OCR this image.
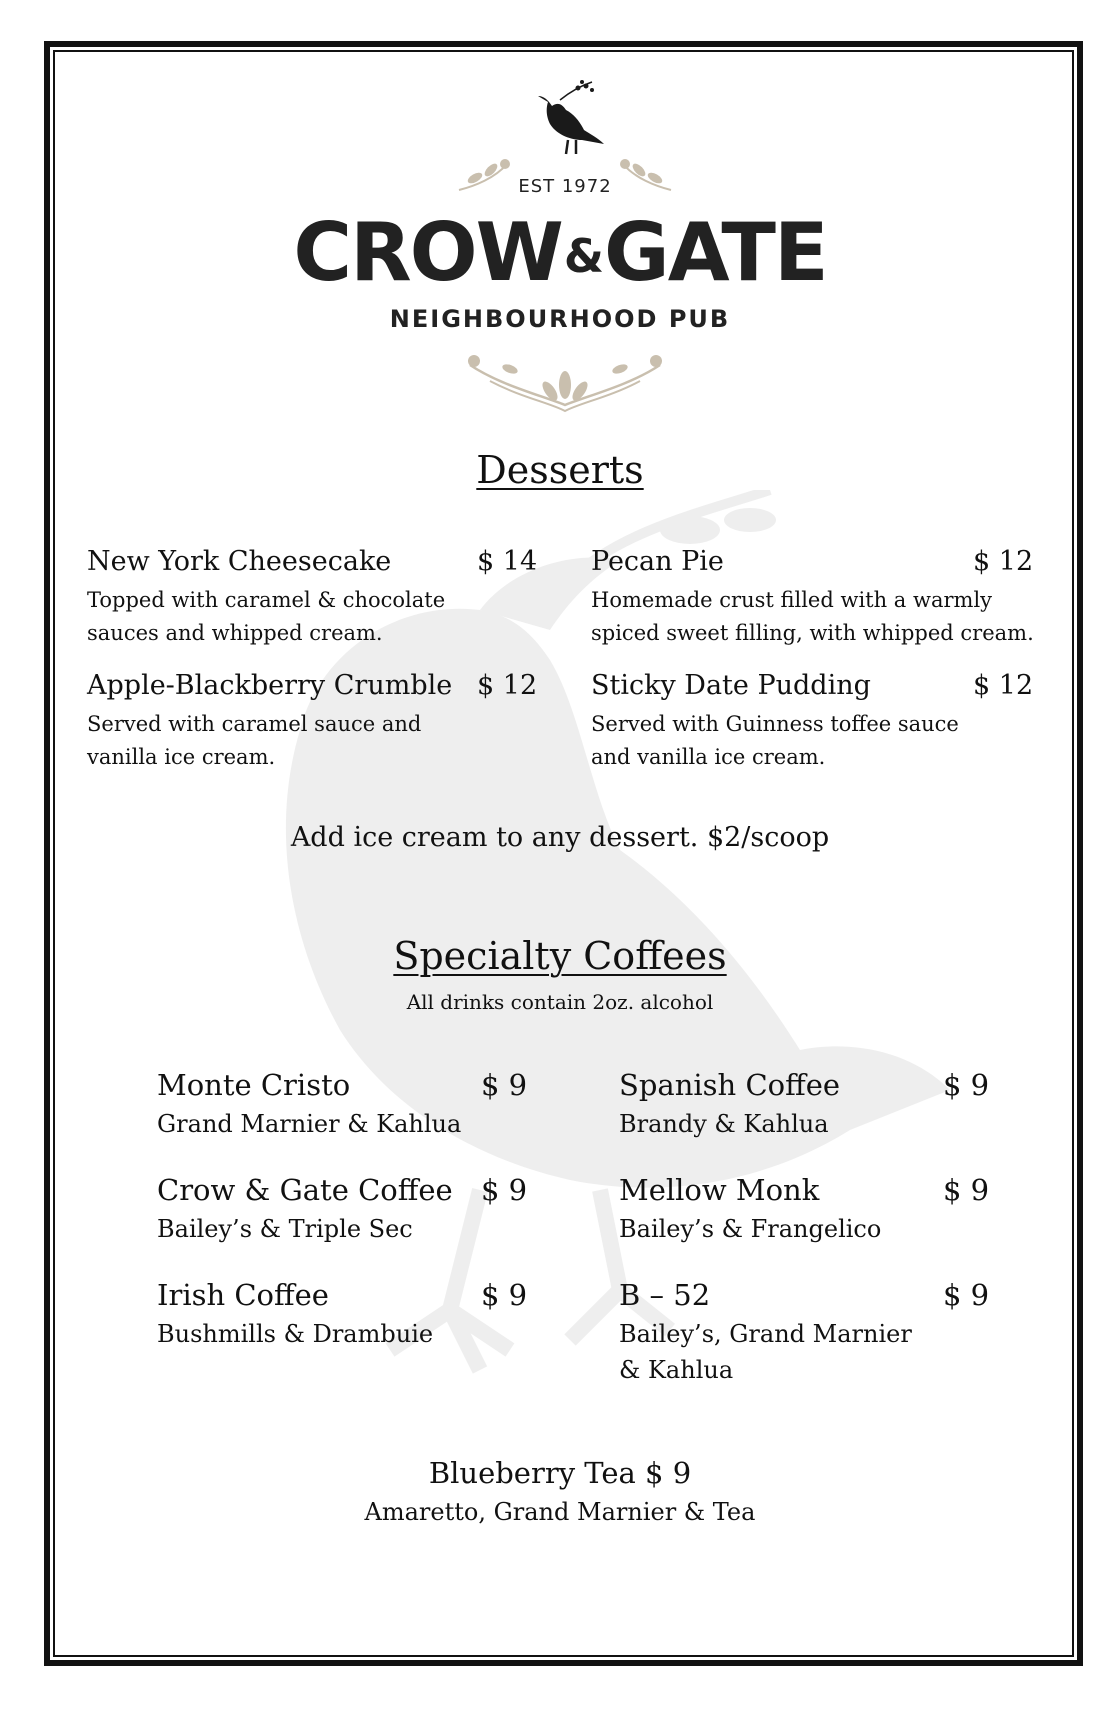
EST 1972
CROW&GATE
NEIGHBOURHOOD PUB
Desserts
New York Cheesecake	$ 14
Topped with caramel & chocolate
sauces and whipped cream.
Pecan Pie	$ 12
Homemade crust filled with a warmly
spiced sweet filling, with whipped cream.
Apple-Blackberry Crumble $ 12
Served with caramel sauce and
vanilla ice cream.
Sticky Date Pudding	$ 12
Served with Guinness toffee sauce
and vanilla ice cream.
Add ice cream to any dessert. $2/scoop
Specialty Coffees
All drinks contain 2oz. alcohol
Monte Cristo	$ 9
Grand Marnier & Kahlua
Spanish Coffee	$ 9
Brandy & Kahlua
Crow & Gate Coffee $ 9
Bailey’s & Triple Sec
Mellow Monk	$ 9
Bailey’s & Frangelico
Irish Coffee	$ 9
Bushmills & Drambuie
B – 52	$ 9
Bailey’s, Grand Marnier
& Kahlua
Blueberry Tea $ 9
Amaretto, Grand Marnier & Tea
